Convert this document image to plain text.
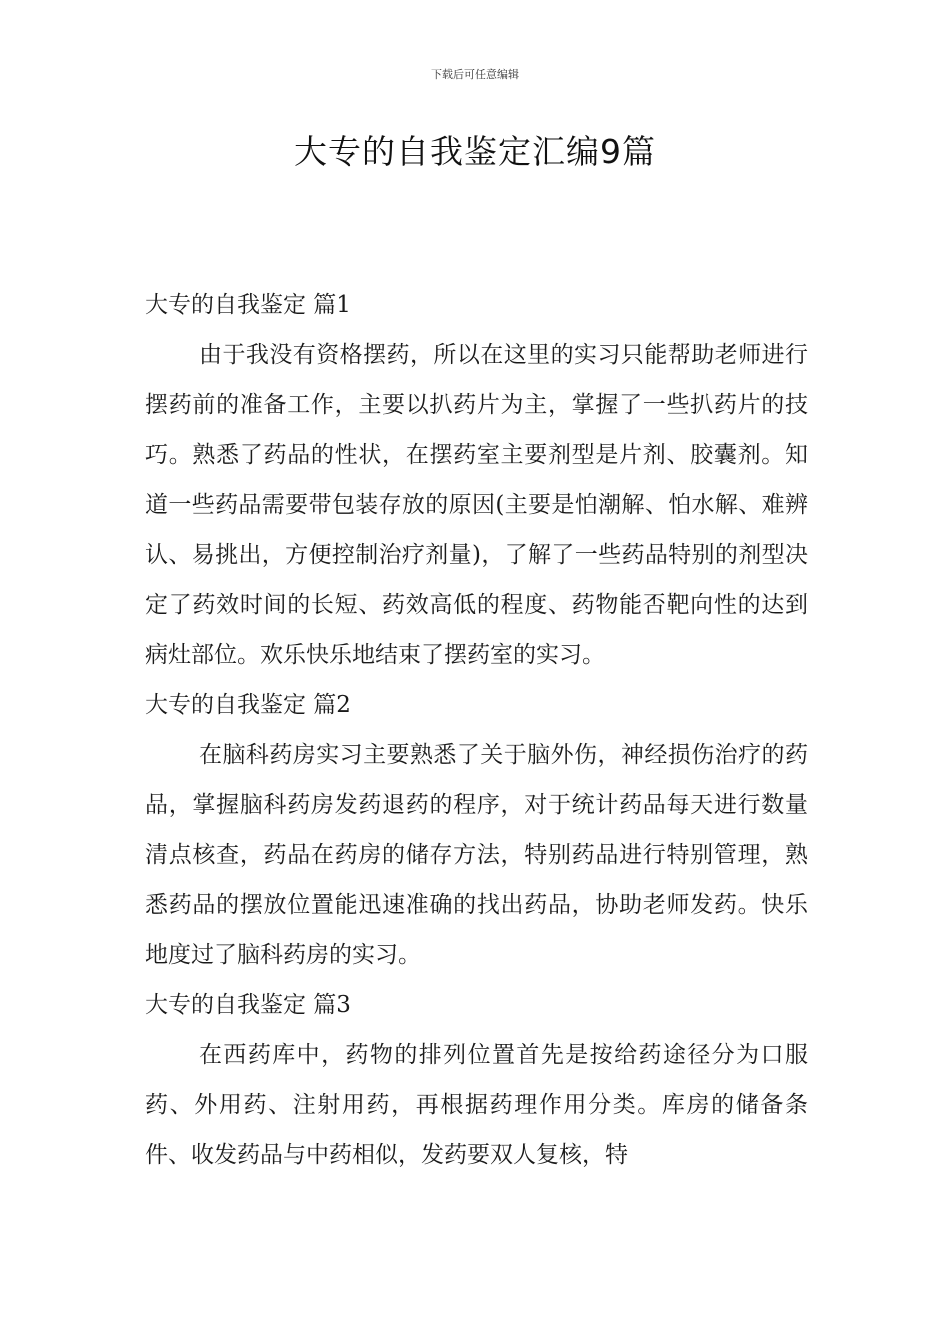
下载后可任意编辑
大专的自我鉴定汇编9篇
大专的自我鉴定 篇1

由于我没有资格摆药，所以在这里的实习只能帮助老师进行摆药前的准备工作，主要以扒药片为主，掌握了一些扒药片的技巧。熟悉了药品的性状，在摆药室主要剂型是片剂、胶囊剂。知道一些药品需要带包装存放的原因(主要是怕潮解、怕水解、难辨认、易挑出，方便控制治疗剂量)，了解了一些药品特别的剂型决定了药效时间的长短、药效高低的程度、药物能否靶向性的达到病灶部位。欢乐快乐地结束了摆药室的实习。

大专的自我鉴定 篇2

在脑科药房实习主要熟悉了关于脑外伤，神经损伤治疗的药品，掌握脑科药房发药退药的程序，对于统计药品每天进行数量清点核查，药品在药房的储存方法，特别药品进行特别管理，熟悉药品的摆放位置能迅速准确的找出药品，协助老师发药。快乐地度过了脑科药房的实习。

大专的自我鉴定 篇3

在西药库中，药物的排列位置首先是按给药途径分为口服药、外用药、注射用药，再根据药理作用分类。库房的储备条件、收发药品与中药相似，发药要双人复核，特
